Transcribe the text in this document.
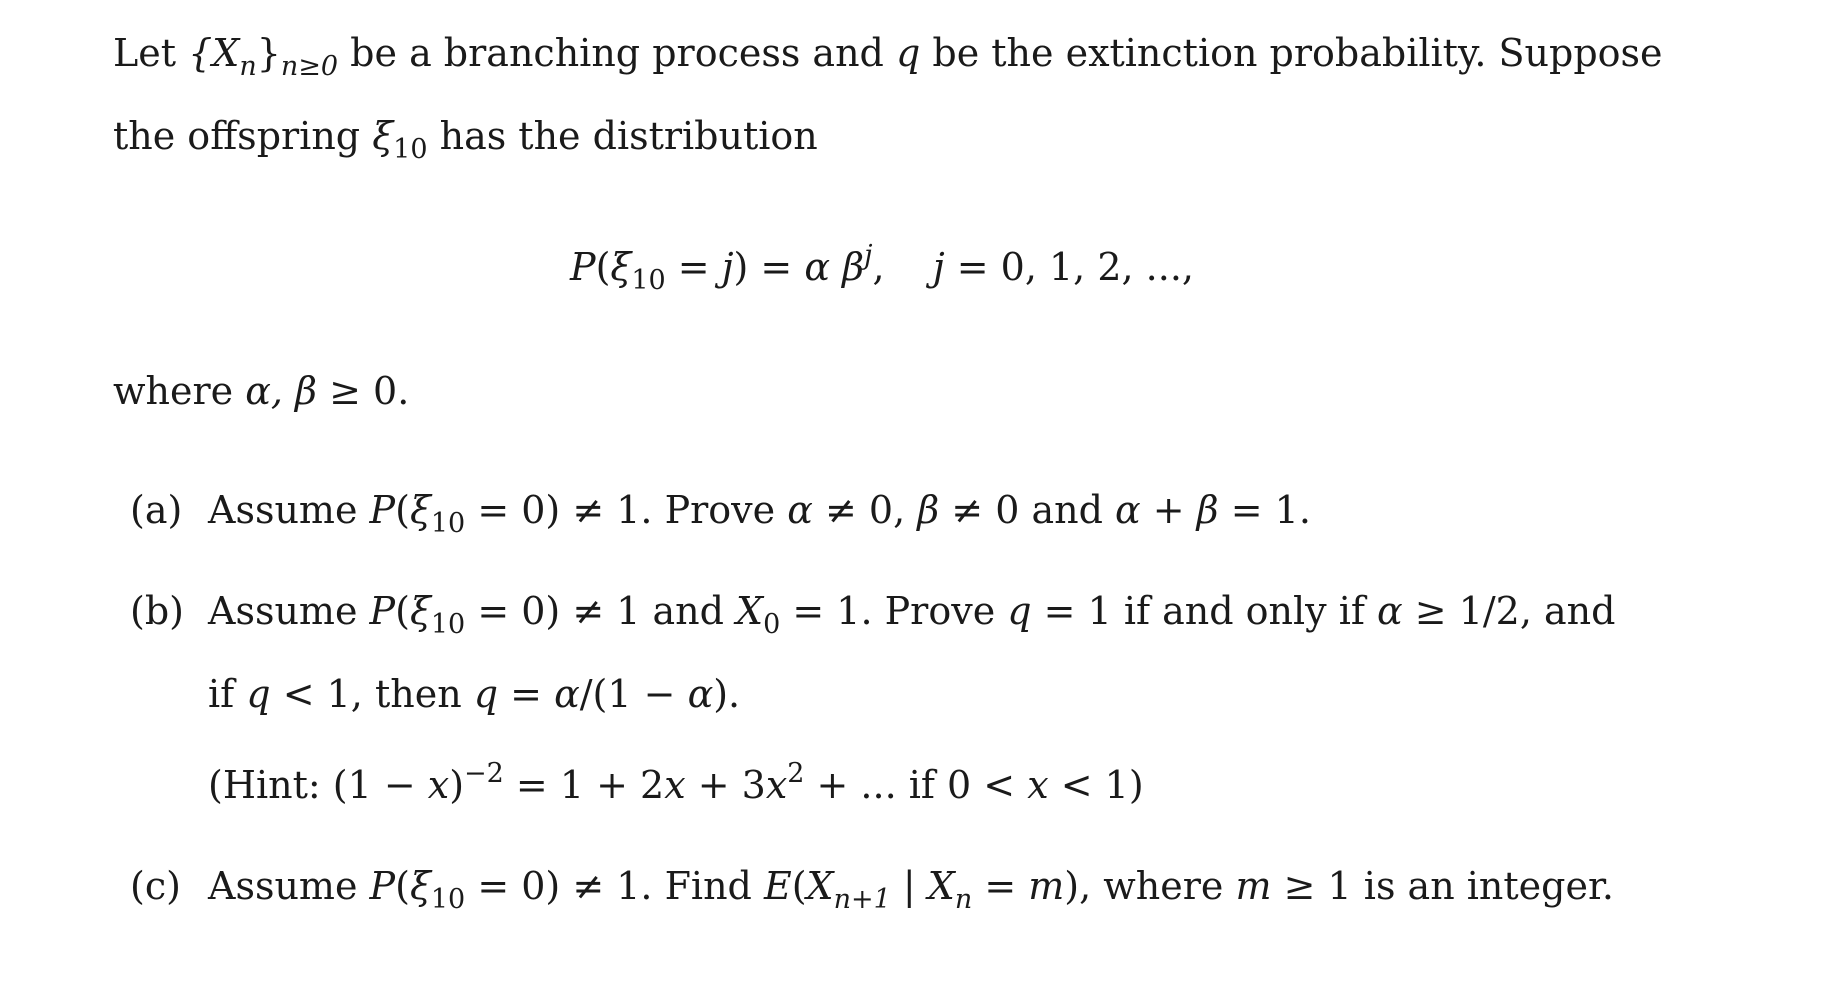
Let $\{X_n\}_{n\ge 0}$ be a branching process and q be the extinction probability. Suppose
the offspring $\xi_{10}$ has the distribution
$P(\xi_{10} = j) = \alpha$ $\beta^j$, j = 0, 1, 2, ...,
where α, β ≥ 0.
(a) Assume $P(\xi_{10} = 0) \ne 1$. Prove α ≠ 0, β ≠ 0 and α + β = 1.
(b) Assume $P(\xi_{10} = 0) \ne 1$ and $X_0 = 1$. Prove q = 1 if and only if α ≥ 1/2, and
if q < 1, then q = α/(1 − α).
(Hint: $(1 - x)^{-2} = 1 + 2x + 3x^2$ + ... if 0 < x < 1)
(c) Assume $P(\xi_{10} = 0) \ne 1$. Find $E(X_{n+1}$ | $X_n = m$), where m ≥ 1 is an integer.
